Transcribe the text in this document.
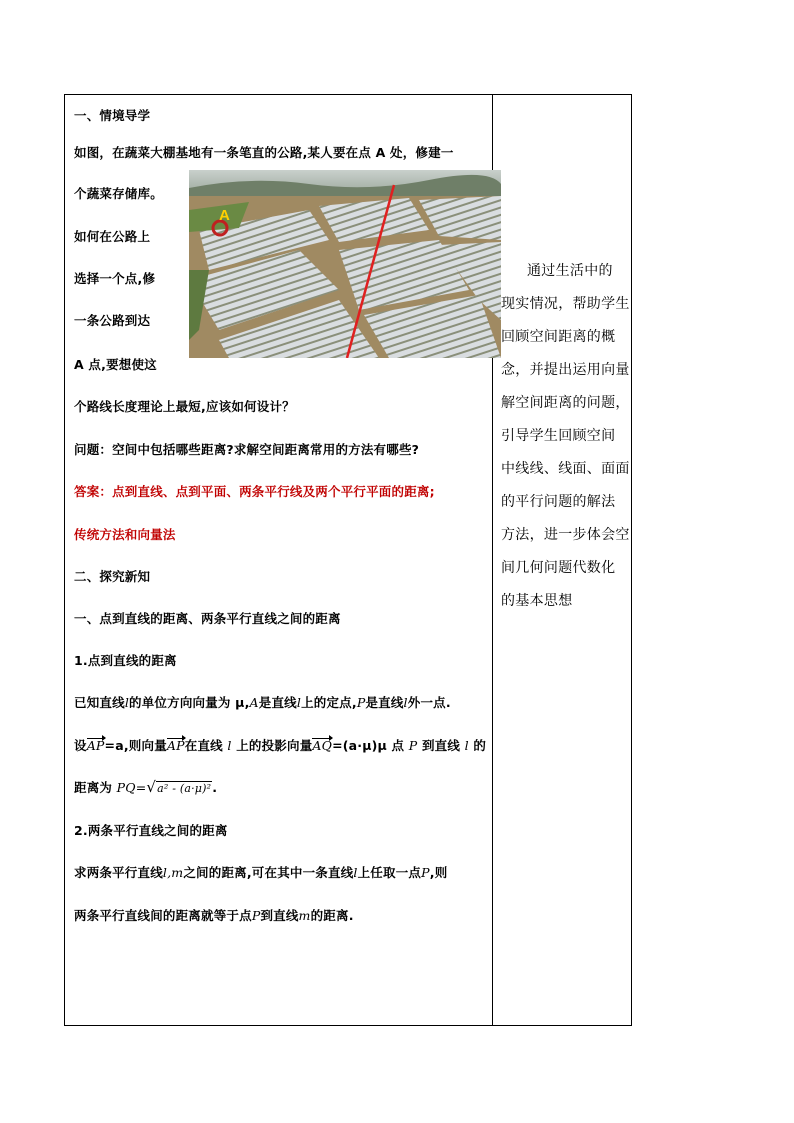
一、情境导学
如图，在蔬菜大棚基地有一条笔直的公路,某人要在点 A 处，修建一
个蔬菜存储库。
如何在公路上
选择一个点,修
一条公路到达
A 点,要想使这
A
个路线长度理论上最短,应该如何设计？
问题：空间中包括哪些距离?求解空间距离常用的方法有哪些?
答案：点到直线、点到平面、两条平行线及两个平行平面的距离;
传统方法和向量法
二、探究新知
一、点到直线的距离、两条平行直线之间的距离
1.点到直线的距离
已知直线l的单位方向向量为 μ,A是直线l上的定点,P是直线l外一点.
设AP=a,则向量AP在直线 l 上的投影向量AQ=(a·μ)μ 点 P 到直线 l 的
距离为 PQ=√a² - (a·μ)².
2.两条平行直线之间的距离
求两条平行直线l,m之间的距离,可在其中一条直线l上任取一点P,则
两条平行直线间的距离就等于点P到直线m的距离.
通过生活中的
现实情况，帮助学生
回顾空间距离的概
念，并提出运用向量
解空间距离的问题，
引导学生回顾空间
中线线、线面、面面
的平行问题的解法
方法，进一步体会空
间几何问题代数化
的基本思想
